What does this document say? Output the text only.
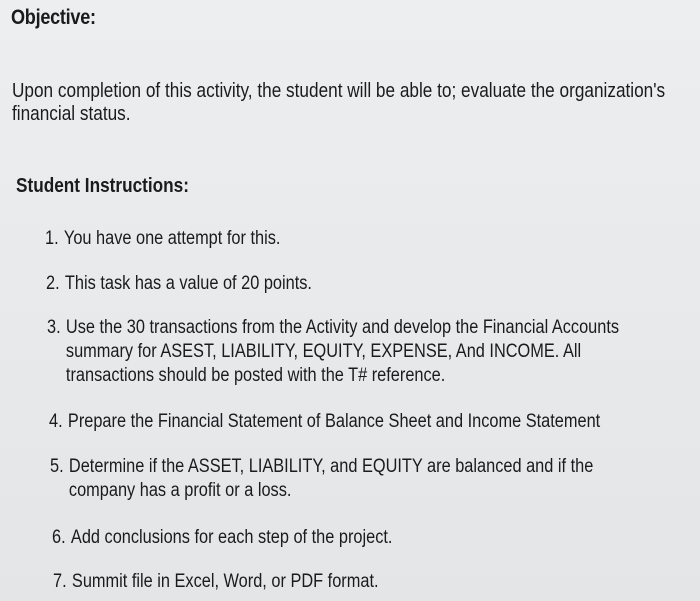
Objective:
Upon completion of this activity, the student will be able to; evaluate the organization's financial status.
Student Instructions:
1. You have one attempt for this.
2. This task has a value of 20 points.
3. Use the 30 transactions from the Activity and develop the Financial Accounts summary for ASEST, LIABILITY, EQUITY, EXPENSE, And INCOME. All transactions should be posted with the T# reference.
4. Prepare the Financial Statement of Balance Sheet and Income Statement
5. Determine if the ASSET, LIABILITY, and EQUITY are balanced and if the company has a profit or a loss.
6. Add conclusions for each step of the project.
7. Summit file in Excel, Word, or PDF format.
